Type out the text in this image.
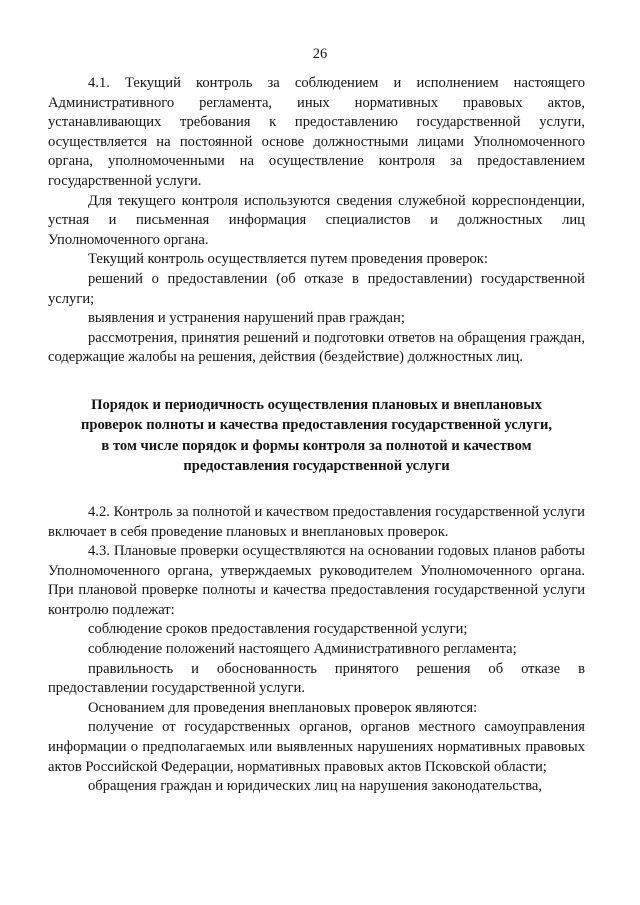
26

4.1. Текущий контроль за соблюдением и исполнением настоящего Административного регламента, иных нормативных правовых актов, устанавливающих требования к предоставлению государственной услуги, осуществляется на постоянной основе должностными лицами Уполномоченного органа, уполномоченными на осуществление контроля за предоставлением государственной услуги.

Для текущего контроля используются сведения служебной корреспонденции, устная и письменная информация специалистов и должностных лиц Уполномоченного органа.

Текущий контроль осуществляется путем проведения проверок:

решений о предоставлении (об отказе в предоставлении) государственной услуги;

выявления и устранения нарушений прав граждан;

рассмотрения, принятия решений и подготовки ответов на обращения граждан, содержащие жалобы на решения, действия (бездействие) должностных лиц.

Порядок и периодичность осуществления плановых и внеплановых
проверок полноты и качества предоставления государственной услуги,
в том числе порядок и формы контроля за полнотой и качеством
предоставления государственной услуги

4.2. Контроль за полнотой и качеством предоставления государственной услуги включает в себя проведение плановых и внеплановых проверок.

4.3. Плановые проверки осуществляются на основании годовых планов работы Уполномоченного органа, утверждаемых руководителем Уполномоченного органа. При плановой проверке полноты и качества предоставления государственной услуги контролю подлежат:

соблюдение сроков предоставления государственной услуги;

соблюдение положений настоящего Административного регламента;

правильность и обоснованность принятого решения об отказе в предоставлении государственной услуги.

Основанием для проведения внеплановых проверок являются:

получение от государственных органов, органов местного самоуправления информации о предполагаемых или выявленных нарушениях нормативных правовых актов Российской Федерации, нормативных правовых актов Псковской области;

обращения граждан и юридических лиц на нарушения законодательства,
